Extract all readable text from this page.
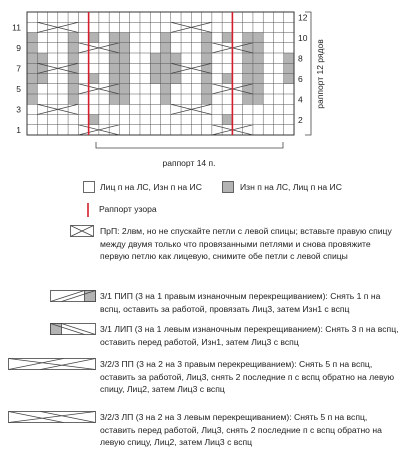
1
3
5
7
9
11
2
4
6
8
10
12
раппорт 12 рядов
раппорт 14 п.
Лиц п на ЛС, Изн п на ИС	Изн п на ЛС, Лиц п на ИС
Раппорт узора
ПрП: 2лвм, но не спускайте петли с левой спицы; вставьте правую спицу между двумя только что провязанными петлями и снова провяжите первую петлю как лицевую, снимите обе петли с левой спицы
3/1 ПИП (3 на 1 правым изнаночным перекрещиванием): Снять 1 п на вспц, оставить за работой, провязать Лиц3, затем Изн1 с вспц
3/1 ЛИП (3 на 1 левым изнаночным перекрещиванием): Снять 3 п на вспц, оставить перед работой, Изн1, затем Лиц3 с вспц
3/2/3 ПП (3 на 2 на 3 правым перекрещиванием): Снять 5 п на вспц, оставить за работой, Лиц3, снять 2 последние п с вспц обратно на левую спицу, Лиц2, затем Лиц3 с вспц
3/2/3 ЛП (3 на 2 на 3 левым перекрещиванием): Снять 5 п на вспц, оставить перед работой, Лиц3, снять 2 последние п с вспц обратно на левую спицу, Лиц2, затем Лиц3 с вспц
